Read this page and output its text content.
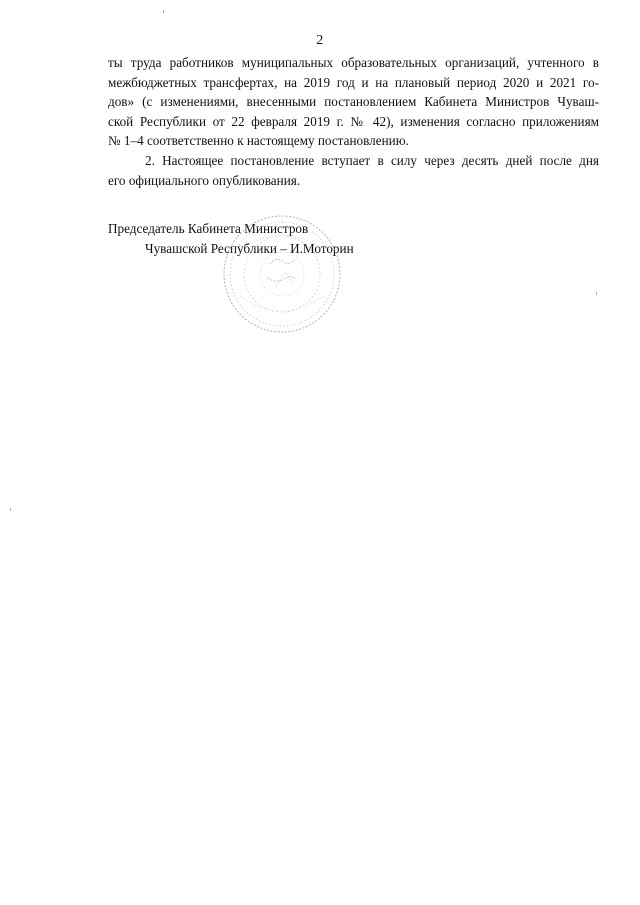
2
ты труда работников муниципальных образовательных организаций, учтенного в
межбюджетных трансфертах, на 2019 год и на плановый период 2020 и 2021 го-
дов» (с изменениями, внесенными постановлением Кабинета Министров Чуваш-
ской Республики от 22 февраля 2019 г. № 42), изменения согласно приложениям
№ 1–4 соответственно к настоящему постановлению.
2. Настоящее постановление вступает в силу через десять дней после дня
его официального опубликования.
Председатель Кабинета Министров
Чувашской Республики – И.Моторин
